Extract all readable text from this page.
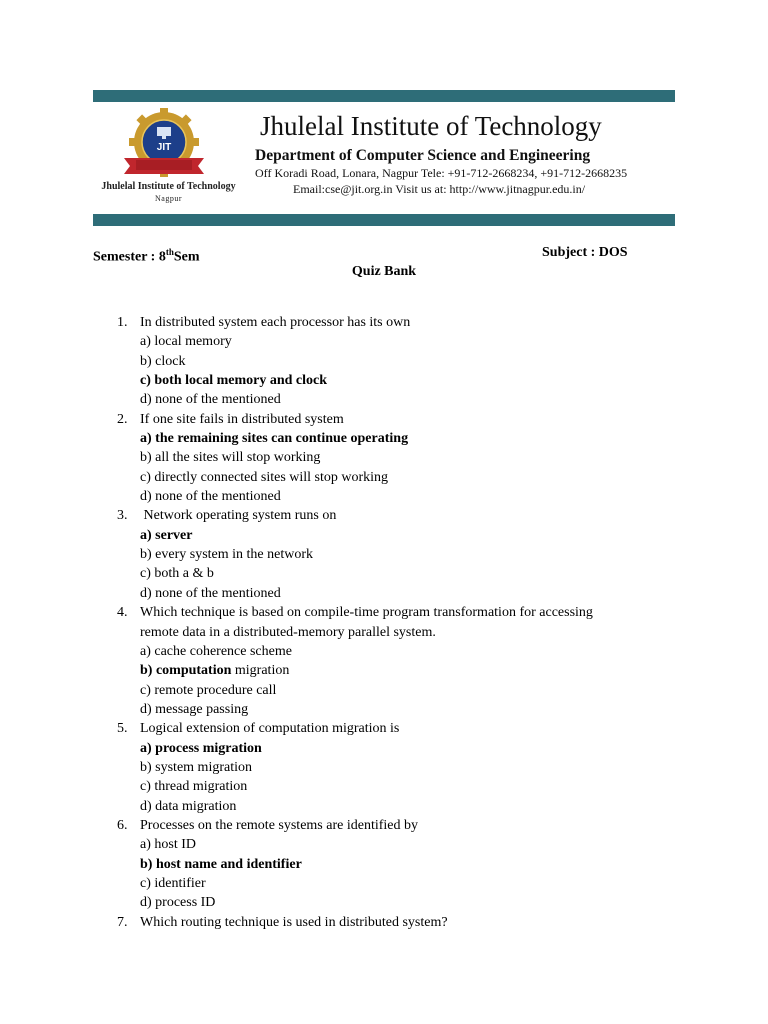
JIT
Jhulelal Institute of Technology
Nagpur
Jhulelal Institute of Technology
Department of Computer Science and Engineering
Off Koradi Road, Lonara, Nagpur Tele: +91-712-2668234, +91-712-2668235
Email:cse@jit.org.in Visit us at: http://www.jitnagpur.edu.in/
Semester : 8thSem	Subject : DOS
Quiz Bank
1. In distributed system each processor has its own
a) local memory
b) clock
c) both local memory and clock
d) none of the mentioned
2. If one site fails in distributed system
a) the remaining sites can continue operating
b) all the sites will stop working
c) directly connected sites will stop working
d) none of the mentioned
3. Network operating system runs on
a) server
b) every system in the network
c) both a & b
d) none of the mentioned
4. Which technique is based on compile-time program transformation for accessing
remote data in a distributed-memory parallel system.
a) cache coherence scheme
b) computation migration
c) remote procedure call
d) message passing
5. Logical extension of computation migration is
a) process migration
b) system migration
c) thread migration
d) data migration
6. Processes on the remote systems are identified by
a) host ID
b) host name and identifier
c) identifier
d) process ID
7. Which routing technique is used in distributed system?
